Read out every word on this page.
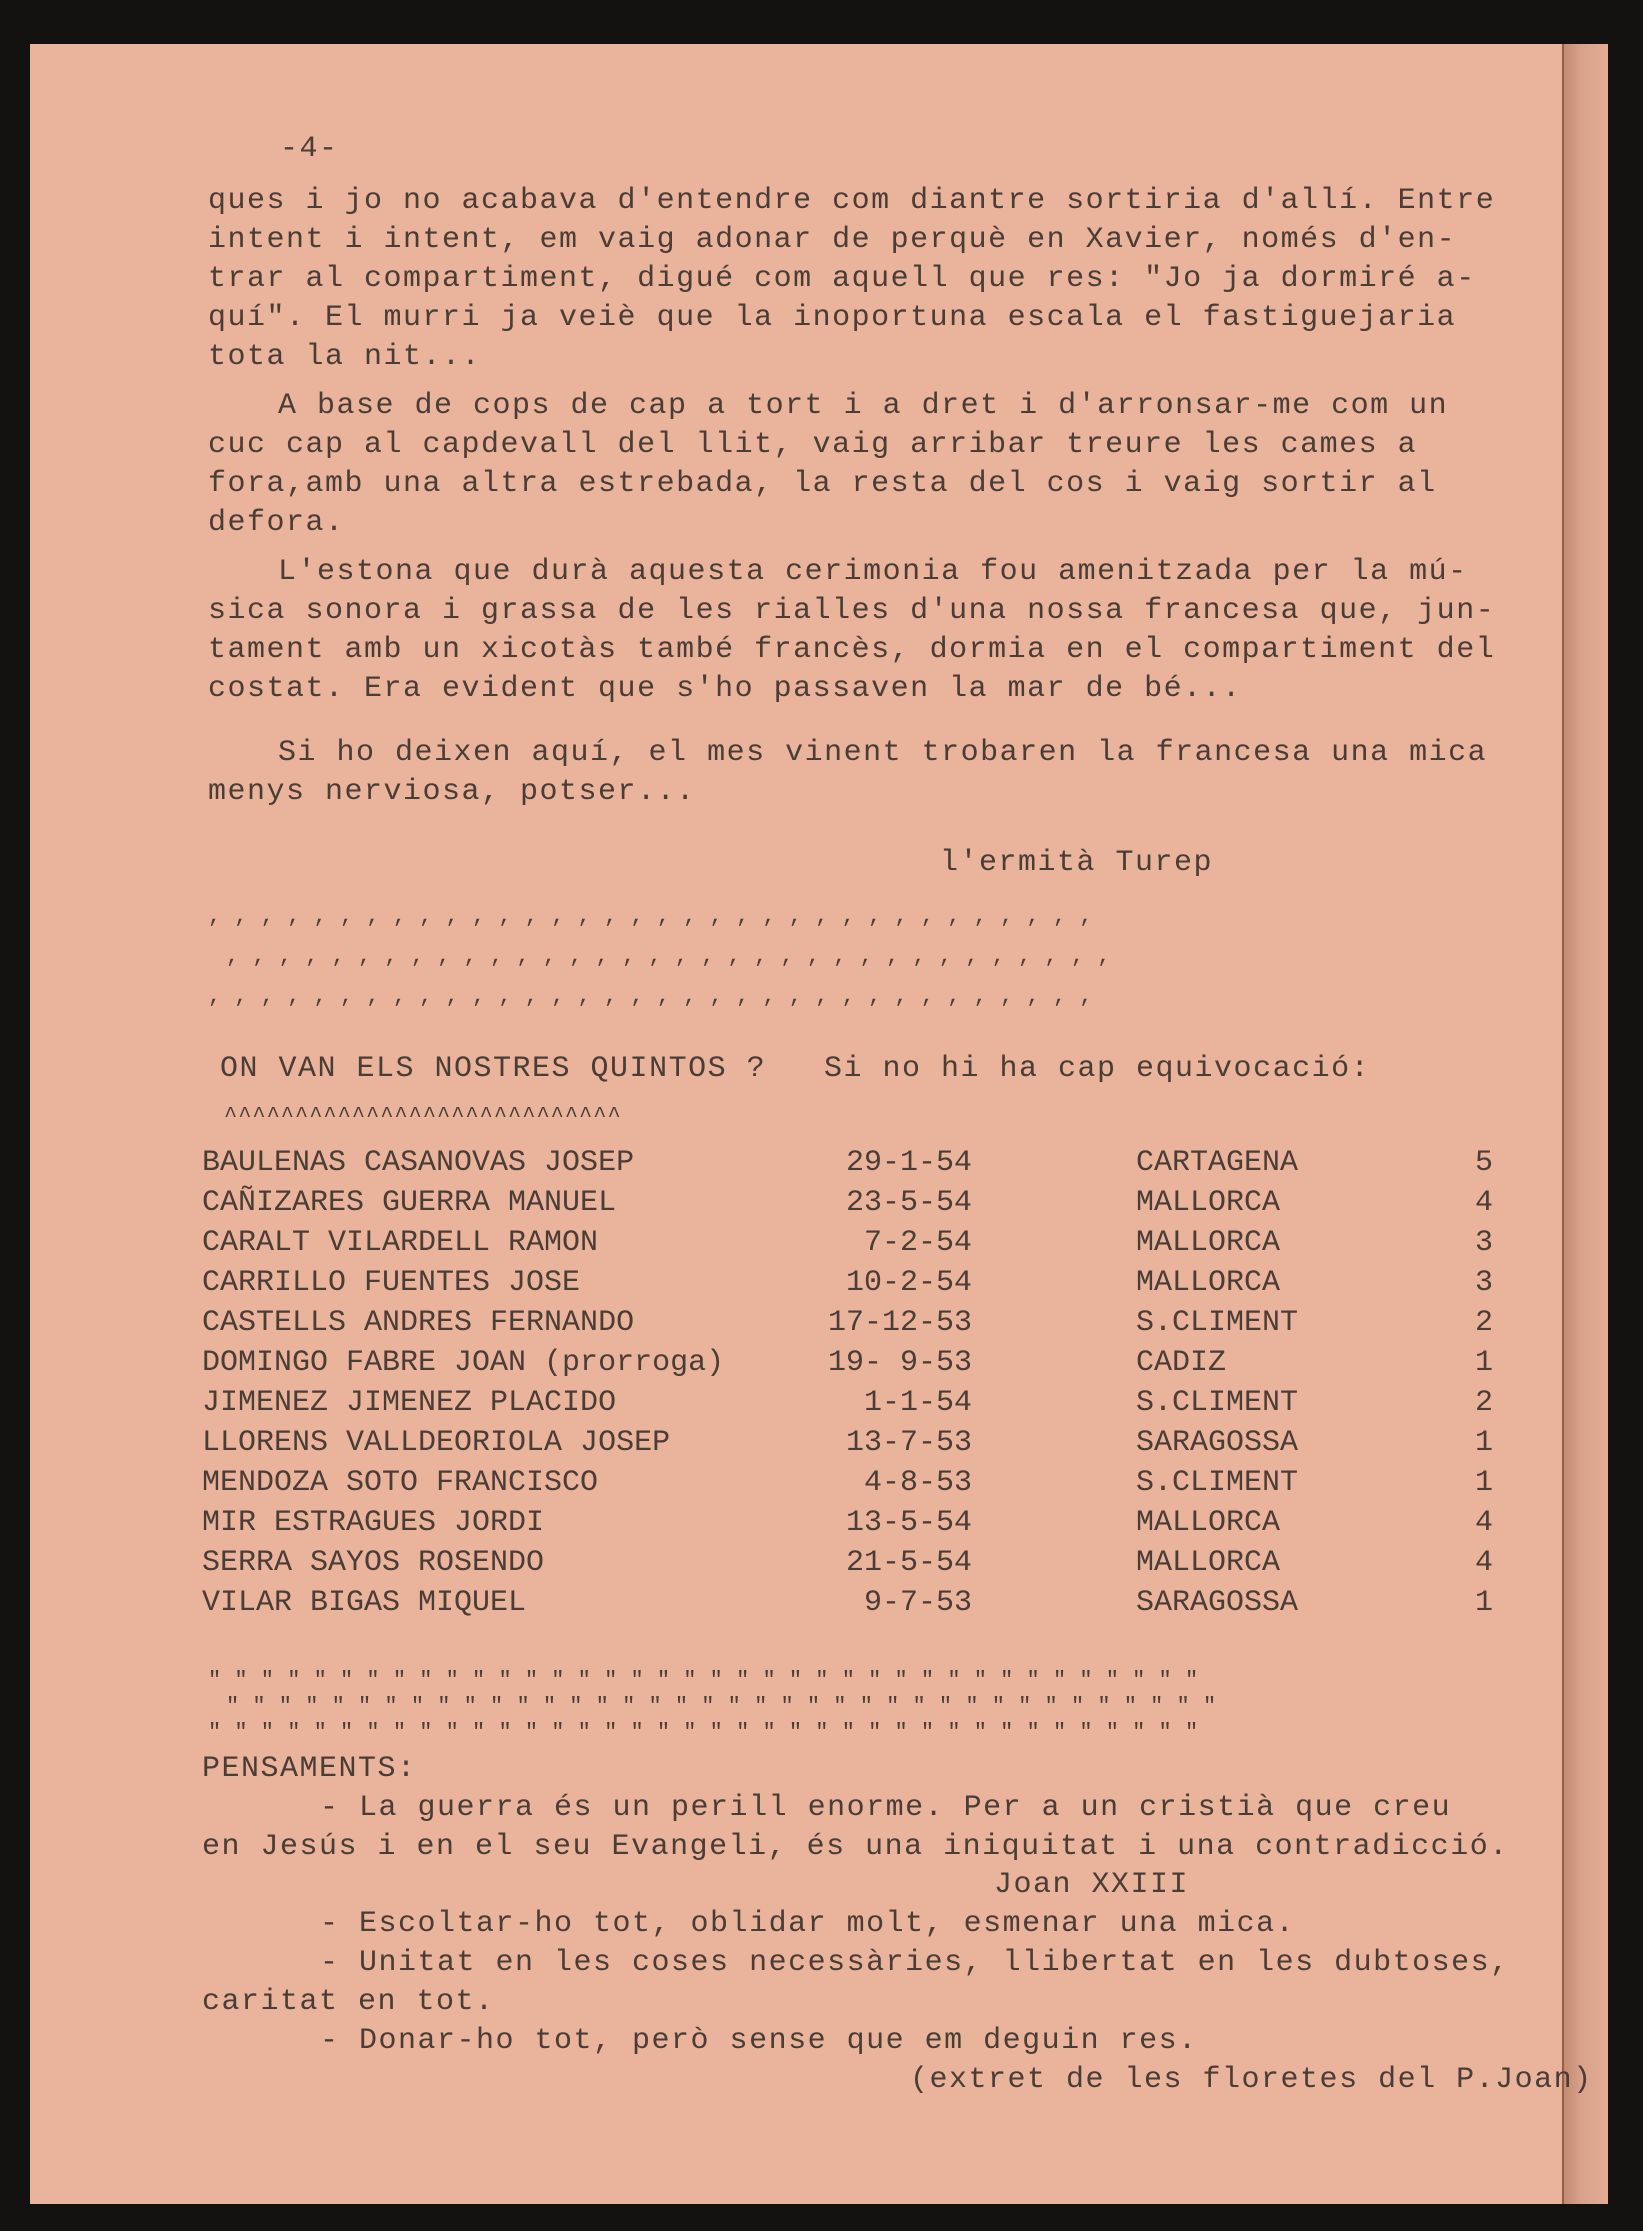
-4-
ques i jo no acabava d'entendre com diantre sortiria d'allí. Entre
intent i intent, em vaig adonar de perquè en Xavier, només d'en-
trar al compartiment, digué com aquell que res: "Jo ja dormiré a-
quí". El murri ja veiè que la inoportuna escala el fastiguejaria
tota la nit...
A base de cops de cap a tort i a dret i d'arronsar-me com un
cuc cap al capdevall del llit, vaig arribar treure les cames a
fora,amb una altra estrebada, la resta del cos i vaig sortir al
defora.
L'estona que durà aquesta cerimonia fou amenitzada per la mú-
sica sonora i grassa de les rialles d'una nossa francesa que, jun-
tament amb un xicotàs també francès, dormia en el compartiment del
costat. Era evident que s'ho passaven la mar de bé...
Si ho deixen aquí, el mes vinent trobaren la francesa una mica
menys nerviosa, potser...
l'ermità Turep
, , , , , , , , , , , , , , , , , , , , , , , , , , , , , , , , , ,
, , , , , , , , , , , , , , , , , , , , , , , , , , , , , , , , , ,
, , , , , , , , , , , , , , , , , , , , , , , , , , , , , , , , , ,
ON VAN ELS NOSTRES QUINTOS ? Si no hi ha cap equivocació:
^^^^^^^^^^^^^^^^^^^^^^^^^^^^
BAULENAS CASANOVAS JOSEP	29-1-54	CARTAGENA	5
CAÑIZARES GUERRA MANUEL	23-5-54	MALLORCA	4
CARALT VILARDELL RAMON	7-2-54	MALLORCA	3
CARRILLO FUENTES JOSE	10-2-54	MALLORCA	3
CASTELLS ANDRES FERNANDO	17-12-53	S.CLIMENT	2
DOMINGO FABRE JOAN (prorroga)	19- 9-53	CADIZ	1
JIMENEZ JIMENEZ PLACIDO	1-1-54	S.CLIMENT	2
LLORENS VALLDEORIOLA JOSEP	13-7-53	SARAGOSSA	1
MENDOZA SOTO FRANCISCO	4-8-53	S.CLIMENT	1
MIR ESTRAGUES JORDI	13-5-54	MALLORCA	4
SERRA SAYOS ROSENDO	21-5-54	MALLORCA	4
VILAR BIGAS MIQUEL	9-7-53	SARAGOSSA	1
" " " " " " " " " " " " " " " " " " " " " " " " " " " " " " " " " " " " " "
" " " " " " " " " " " " " " " " " " " " " " " " " " " " " " " " " " " " " "
" " " " " " " " " " " " " " " " " " " " " " " " " " " " " " " " " " " " " "
PENSAMENTS:
- La guerra és un perill enorme. Per a un cristià que creu
en Jesús i en el seu Evangeli, és una iniquitat i una contradicció.
Joan XXIII
- Escoltar-ho tot, oblidar molt, esmenar una mica.
- Unitat en les coses necessàries, llibertat en les dubtoses,
caritat en tot.
- Donar-ho tot, però sense que em deguin res.
(extret de les floretes del P.Joan)
